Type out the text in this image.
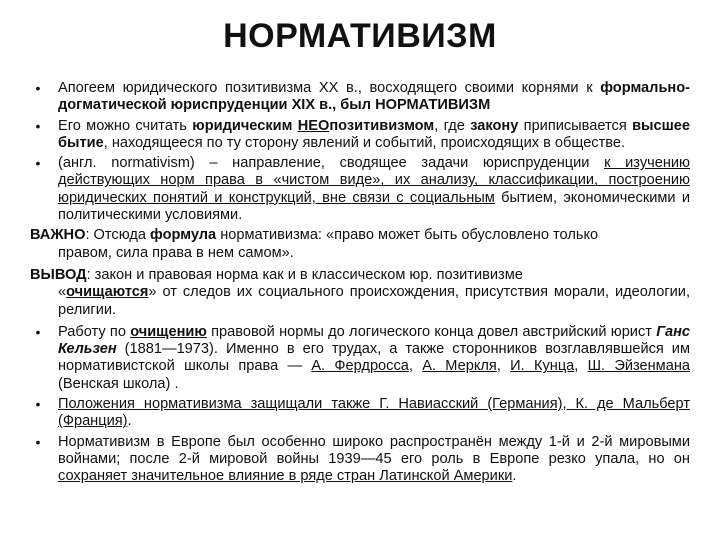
НОРМАТИВИЗМ
• Апогеем юридического позитивизма XX в., восходящего своими корнями к формально-догматической юриспруденции XIX в., был НОРМАТИВИЗМ
• Его можно считать юридическим НЕОпозитивизмом, где закону приписывается высшее бытие, находящееся по ту сторону явлений и событий, происходящих в обществе.
• (англ. normativism) – направление, сводящее задачи юриспруденции к изучению действующих норм права в «чистом виде», их анализу, классификации, построению юридических понятий и конструкций, вне связи с социальным бытием, экономическими и политическими условиями.
ВАЖНО: Отсюда формула нормативизма: «право может быть обусловлено только
правом, сила права в нем самом».
ВЫВОД: закон и правовая норма как и в классическом юр. позитивизме
«очищаются» от следов их социального происхождения, присутствия морали, идеологии, религии.
• Работу по очищению правовой нормы до логического конца довел австрийский юрист Ганс Кельзен (1881—1973). Именно в его трудах, а также сторонников возглавлявшейся им нормативистской школы права — А. Фердросса, А. Меркля, И. Кунца, Ш. Эйзенмана (Венская школа) .
• Положения нормативизма защищали также Г. Навиасский (Германия), К. де Мальберт (Франция).
• Нормативизм в Европе был особенно широко распространён между 1-й и 2-й мировыми войнами; после 2-й мировой войны 1939—45 его роль в Европе резко упала, но он сохраняет значительное влияние в ряде стран Латинской Америки.
